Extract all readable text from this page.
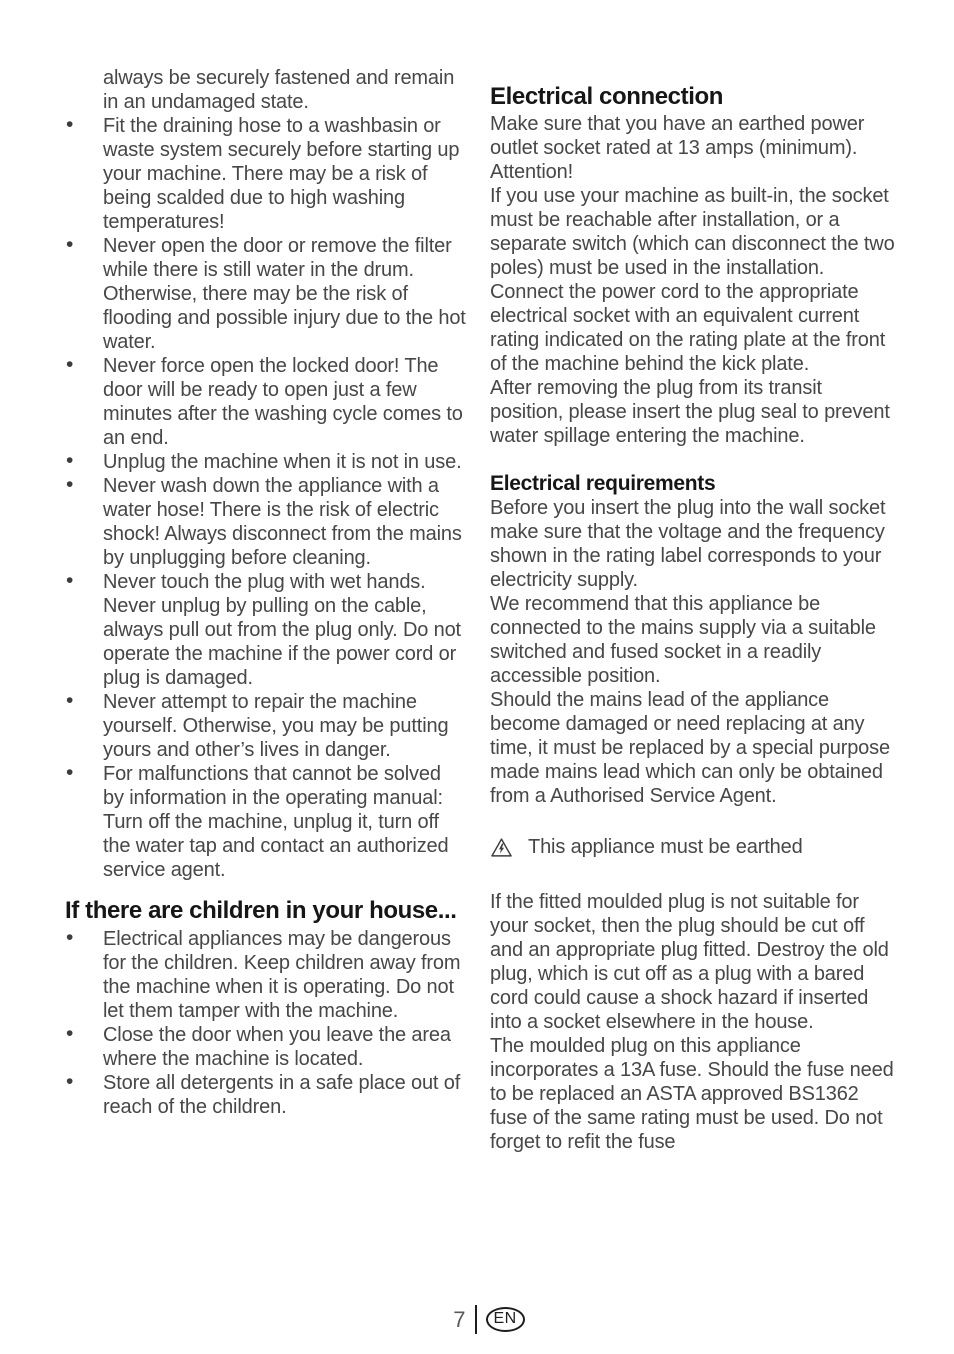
always be securely fastened and remain in an undamaged state.
• Fit the draining hose to a washbasin or waste system securely before starting up your machine. There may be a risk of being scalded due to high washing temperatures!
• Never open the door or remove the filter while there is still water in the drum. Otherwise, there may be the risk of flooding and possible injury due to the hot water.
• Never force open the locked door! The door will be ready to open just a few minutes after the washing cycle comes to an end.
• Unplug the machine when it is not in use.
• Never wash down the appliance with a water hose! There is the risk of electric shock! Always disconnect from the mains by unplugging before cleaning.
• Never touch the plug with wet hands. Never unplug by pulling on the cable, always pull out from the plug only. Do not operate the machine if the power cord or plug is damaged.
• Never attempt to repair the machine yourself. Otherwise, you may be putting yours and other’s lives in danger.
• For malfunctions that cannot be solved by information in the operating manual:
Turn off the machine, unplug it, turn off the water tap and contact an authorized service agent.
If there are children in your house...
• Electrical appliances may be dangerous for the children. Keep children away from the machine when it is operating. Do not let them tamper with the machine.
• Close the door when you leave the area where the machine is located.
• Store all detergents in a safe place out of reach of the children.
Electrical connection

Make sure that you have an earthed power outlet socket rated at 13 amps (minimum).

Attention!

If you use your machine as built-in, the socket must be reachable after installation, or a separate switch (which can disconnect the two poles) must be used in the installation.

Connect the power cord to the appropriate electrical socket with an equivalent current rating indicated on the rating plate at the front of the machine behind the kick plate.

After removing the plug from its transit position, please insert the plug seal to prevent water spillage entering the machine.

Electrical requirements

Before you insert the plug into the wall socket make sure that the voltage and the frequency shown in the rating label corresponds to your electricity supply.

We recommend that this appliance be connected to the mains supply via a suitable switched and fused socket in a readily accessible position.

Should the mains lead of the appliance become damaged or need replacing at any time, it must be replaced by a special purpose made mains lead which can only be obtained from a Authorised Service Agent.

This appliance must be earthed

If the fitted moulded plug is not suitable for your socket, then the plug should be cut off and an appropriate plug fitted. Destroy the old plug, which is cut off as a plug with a bared cord could cause a shock hazard if inserted into a socket elsewhere in the house.

The moulded plug on this appliance incorporates a 13A fuse. Should the fuse need to be replaced an ASTA approved BS1362 fuse of the same rating must be used. Do not forget to refit the fuse

7	EN
